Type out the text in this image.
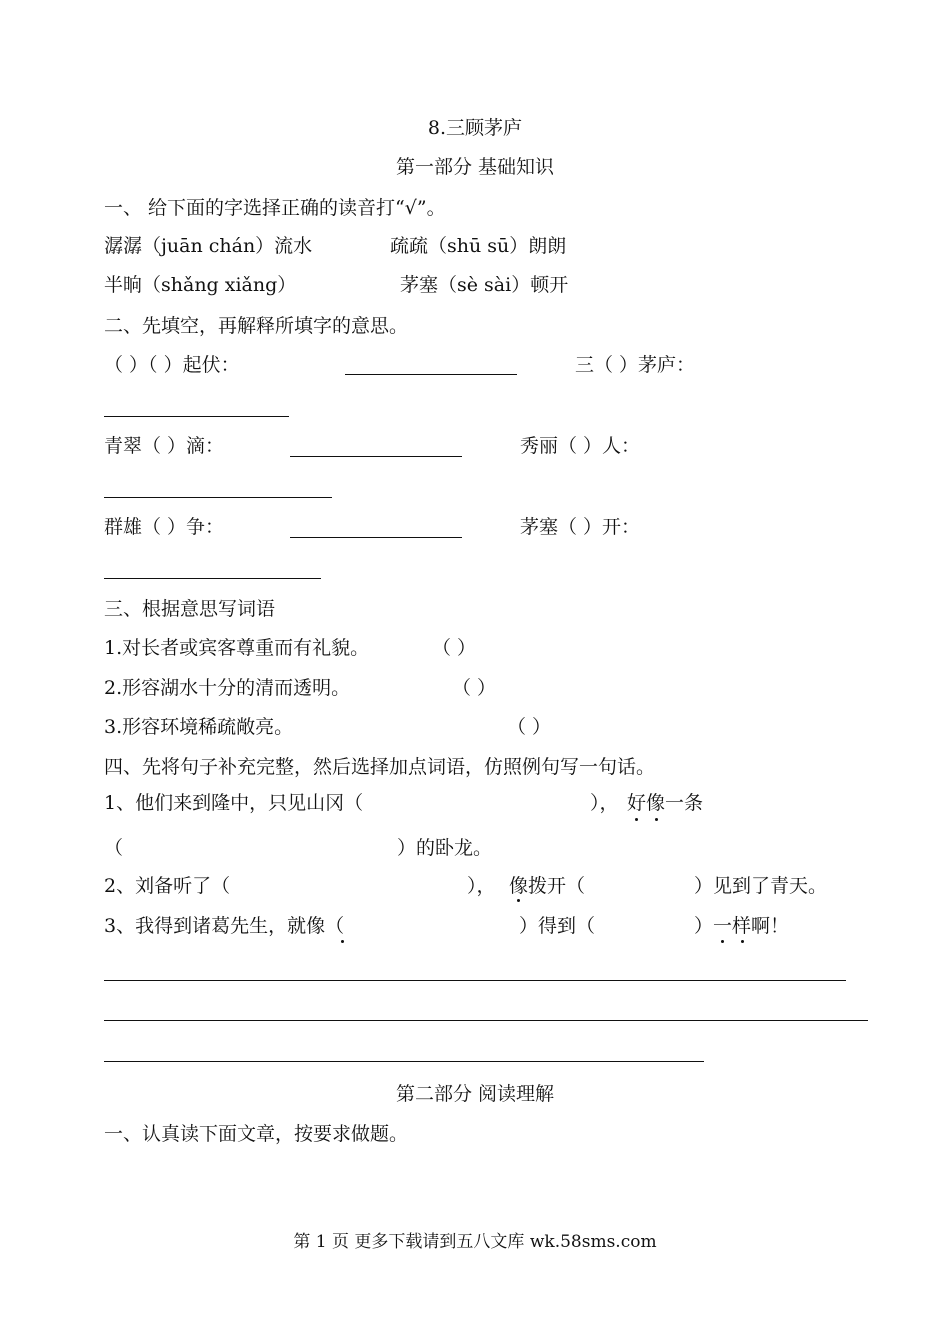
8.三顾茅庐
第一部分 基础知识
一、 给下面的字选择正确的读音打“√”。
潺潺（juān chán）流水	疏疏（shū sū）朗朗
半晌（shǎng xiǎng）	茅塞（sè sài）顿开
二、先填空，再解释所填字的意思。
（ ）（ ）起伏：	三（ ）茅庐：
青翠（ ）滴：	秀丽（ ）人：
群雄（ ）争：	茅塞（ ）开：
三、根据意思写词语
1.对长者或宾客尊重而有礼貌。	（ ）
2.形容湖水十分的清而透明。	（ ）
3.形容环境稀疏敞亮。	（ ）
四、先将句子补充完整，然后选择加点词语，仿照例句写一句话。
1、他们来到隆中，只见山冈（	）， 好像一条
（	）的卧龙。
2、刘备听了（	）， 像拨开（	）见到了青天。
3、我得到诸葛先生，就像（	）得到（	）一样啊！
第二部分 阅读理解
一、认真读下面文章，按要求做题。
第 1 页 更多下载请到五八文库 wk.58sms.com
